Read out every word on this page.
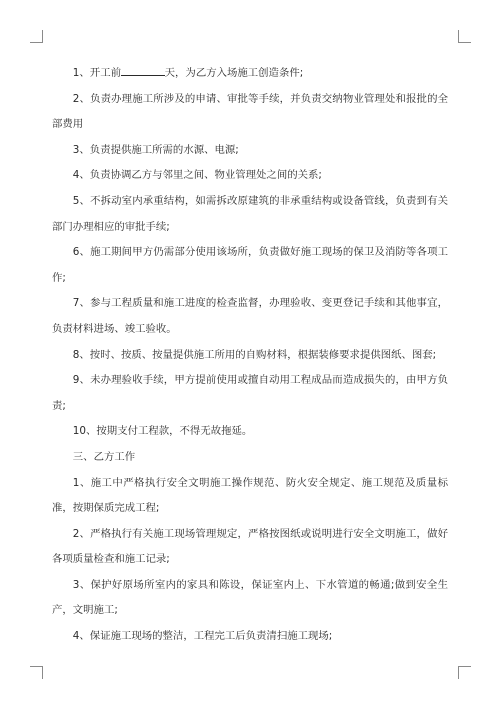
1、开工前	天，为乙方入场施工创造条件;

2、负责办理施工所涉及的申请、审批等手续，并负责交纳物业管理处和报批的全部费用

3、负责提供施工所需的水源、电源;

4、负责协调乙方与邻里之间、物业管理处之间的关系;

5、不拆动室内承重结构，如需拆改原建筑的非承重结构或设备管线，负责到有关部门办理相应的审批手续;

6、施工期间甲方仍需部分使用该场所，负责做好施工现场的保卫及消防等各项工作;

7、参与工程质量和施工进度的检查监督，办理验收、变更登记手续和其他事宜，负责材料进场、竣工验收。

8、按时、按质、按量提供施工所用的自购材料，根据装修要求提供图纸、图套;

9、未办理验收手续，甲方提前使用或擅自动用工程成品而造成损失的，由甲方负责;

10、按期支付工程款，不得无故拖延。

三、乙方工作

1、施工中严格执行安全文明施工操作规范、防火安全规定、施工规范及质量标准，按期保质完成工程;

2、严格执行有关施工现场管理规定，严格按图纸或说明进行安全文明施工，做好各项质量检查和施工记录;

3、保护好原场所室内的家具和陈设，保证室内上、下水管道的畅通;做到安全生产，文明施工;

4、保证施工现场的整洁，工程完工后负责清扫施工现场;
